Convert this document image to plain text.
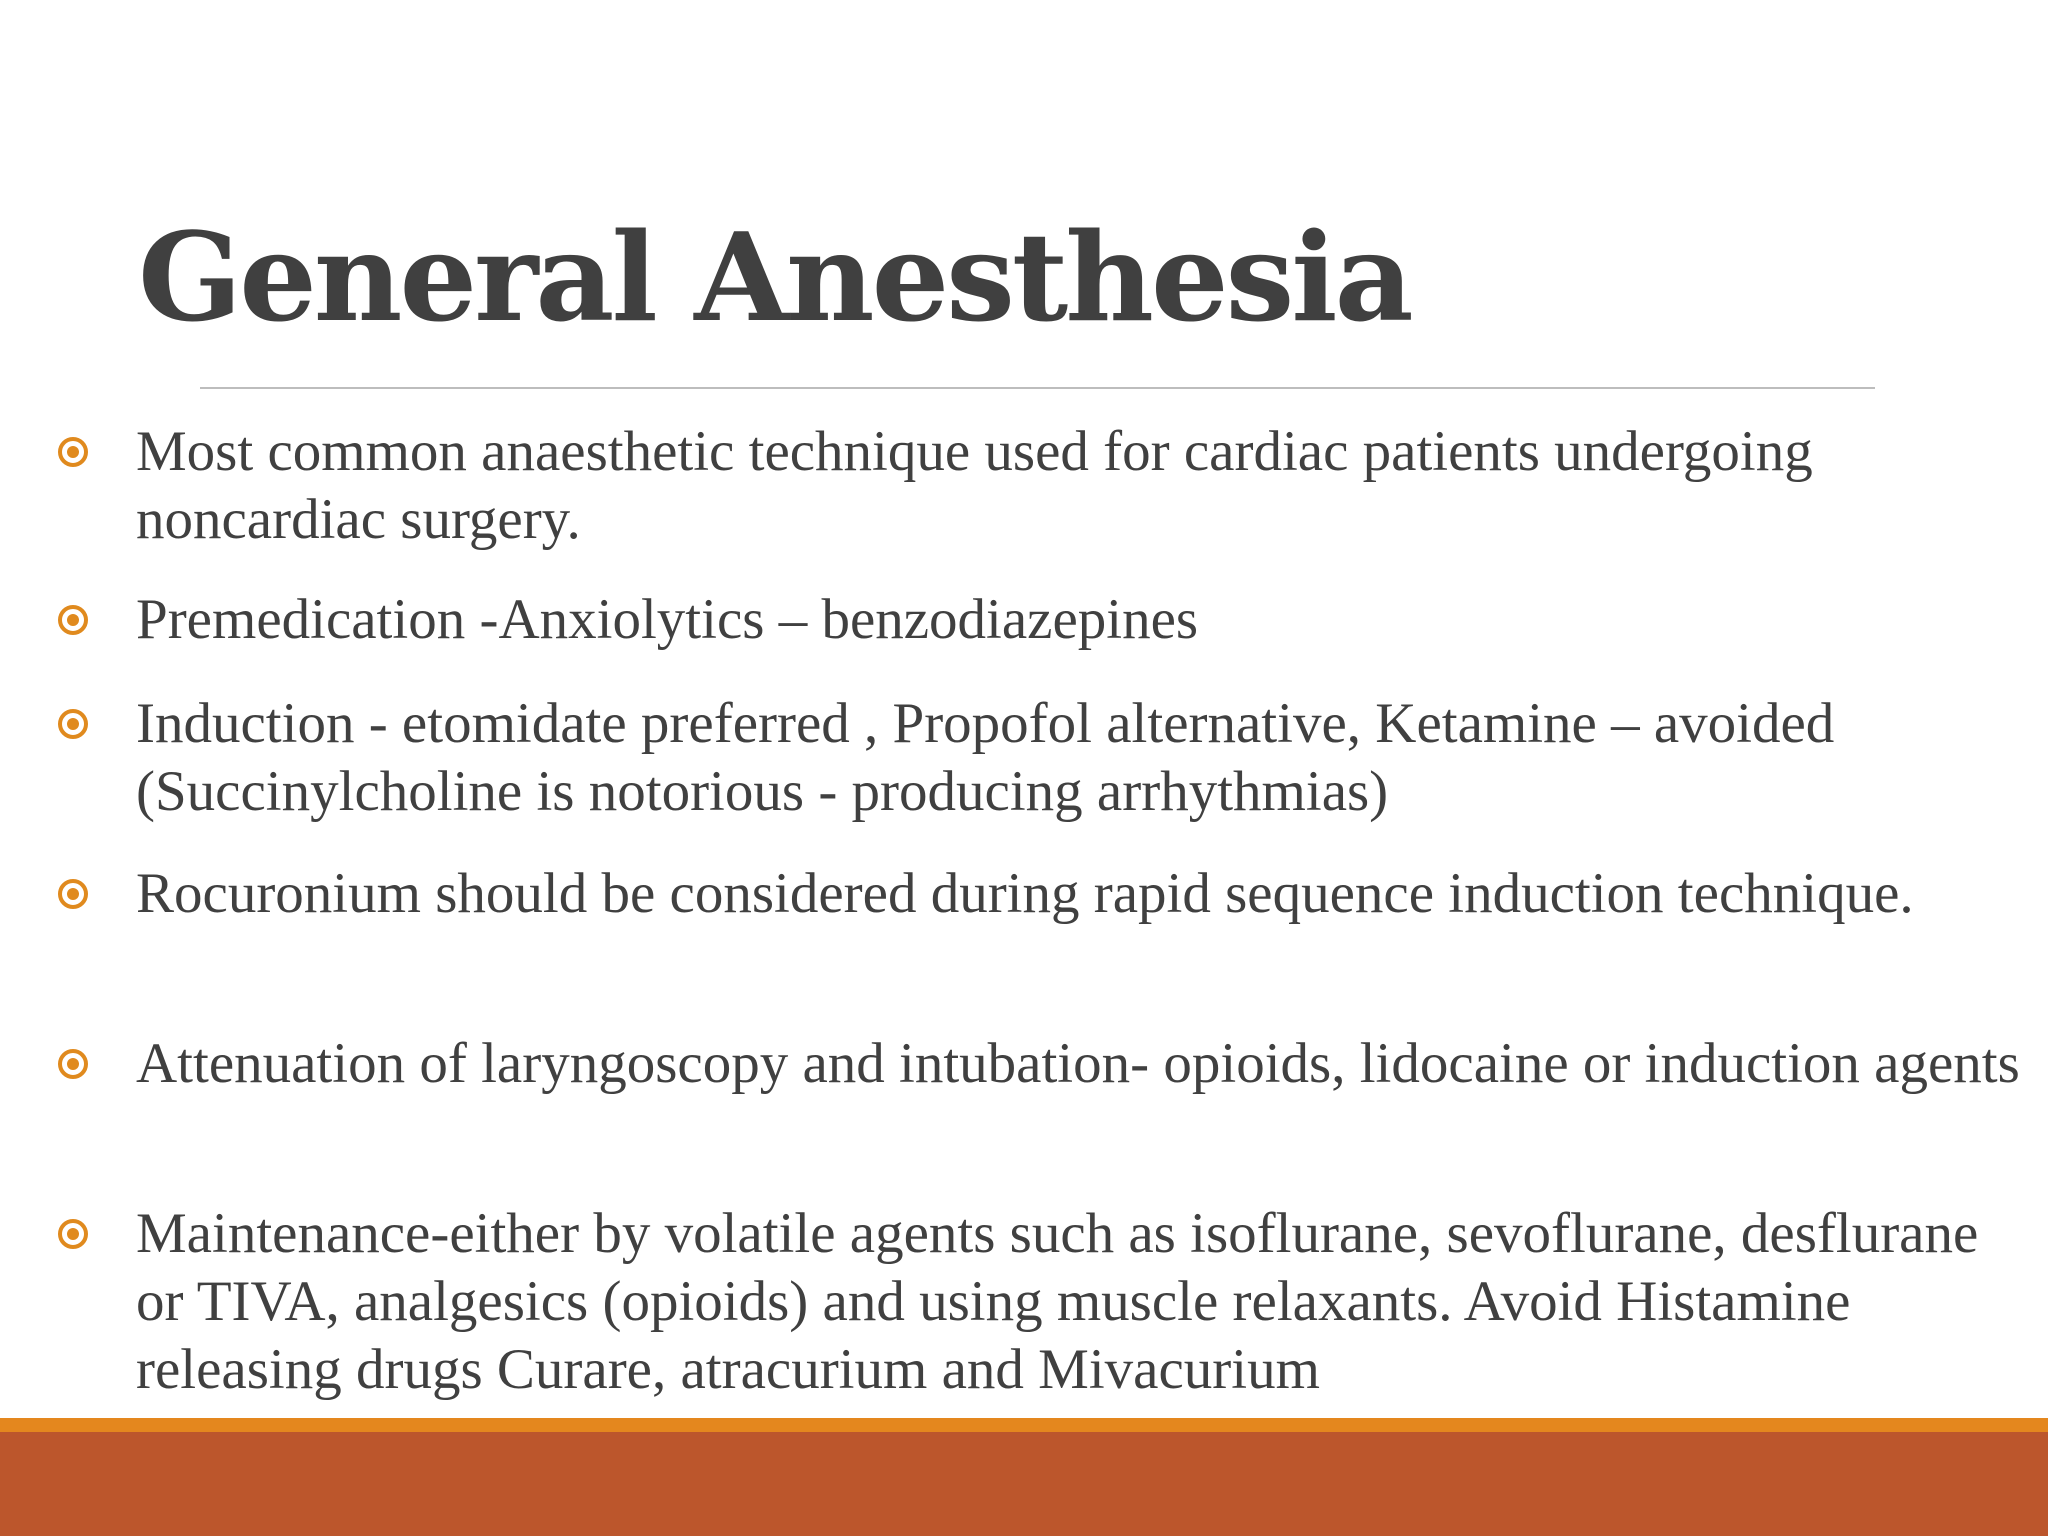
General Anesthesia
Most common anaesthetic technique used for cardiac patients undergoing noncardiac surgery.
Premedication -Anxiolytics – benzodiazepines
Induction - etomidate preferred , Propofol alternative, Ketamine – avoided (Succinylcholine is notorious - producing arrhythmias)
Rocuronium should be considered during rapid sequence induction technique.
Attenuation of laryngoscopy and intubation- opioids, lidocaine or induction agents
Maintenance-either by volatile agents such as isoflurane, sevoflurane, desflurane or TIVA, analgesics (opioids) and using muscle relaxants. Avoid Histamine releasing drugs Curare, atracurium and Mivacurium
